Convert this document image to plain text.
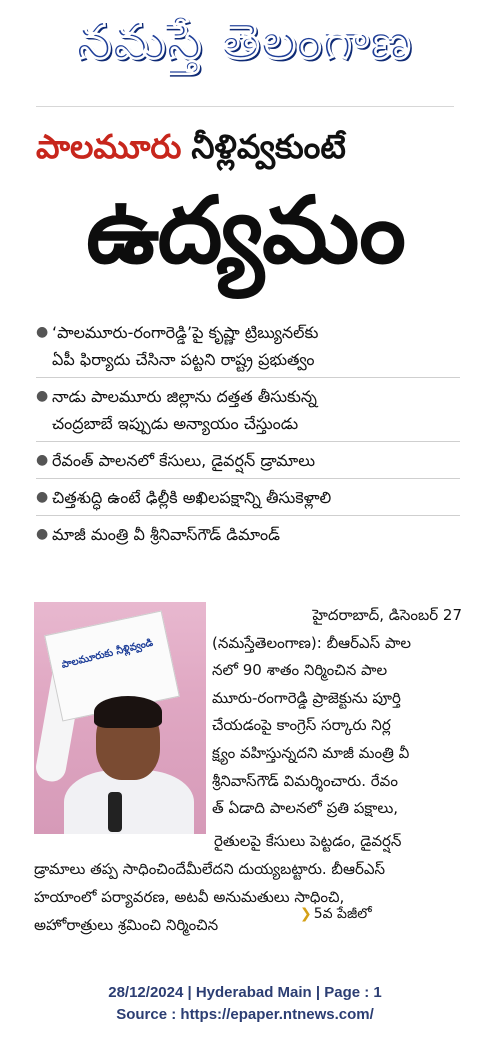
నమస్తే తెలంగాణ
పాలమూరు నీళ్లివ్వకుంటే
ఉద్యమం
● ‘పాలమూరు-రంగారెడ్డి’పై కృష్ణా ట్రిబ్యునల్‌కు
ఏపీ ఫిర్యాదు చేసినా పట్టని రాష్ట్ర ప్రభుత్వం
● నాడు పాలమూరు జిల్లాను దత్తత తీసుకున్న
చంద్రబాబే ఇప్పుడు అన్యాయం చేస్తుండు
● రేవంత్ పాలనలో కేసులు, డైవర్షన్ డ్రామాలు
● చిత్తశుద్ధి ఉంటే ఢిల్లీకి అఖిలపక్షాన్ని తీసుకెళ్లాలి
● మాజీ మంత్రి వీ శ్రీనివాస్‌గౌడ్ డిమాండ్
పాలమూరుకు నీళ్లివ్వండి
హైదరాబాద్, డిసెంబర్ 27
(నమస్తేతెలంగాణ): బీఆర్‌ఎస్ పాల
నలో 90 శాతం నిర్మించిన పాల
మూరు-రంగారెడ్డి ప్రాజెక్టును పూర్తి
చేయడంపై కాంగ్రెస్ సర్కారు నిర్ల
క్ష్యం వహిస్తున్నదని మాజీ మంత్రి వీ
శ్రీనివాస్‌గౌడ్ విమర్శించారు. రేవం
త్ ఏడాది పాలనలో ప్రతి పక్షాలు,
రైతులపై కేసులు పెట్టడం, డైవర్షన్
డ్రామాలు తప్ప సాధించిందేమీలేదని దుయ్యబట్టారు. బీఆర్‌ఎస్
హయాంలో పర్యావరణ, అటవీ అనుమతులు సాధించి,
అహోరాత్రులు శ్రమించి నిర్మించిన
❯ 5వ పేజీలో
28/12/2024 | Hyderabad Main | Page : 1
Source : https://epaper.ntnews.com/
